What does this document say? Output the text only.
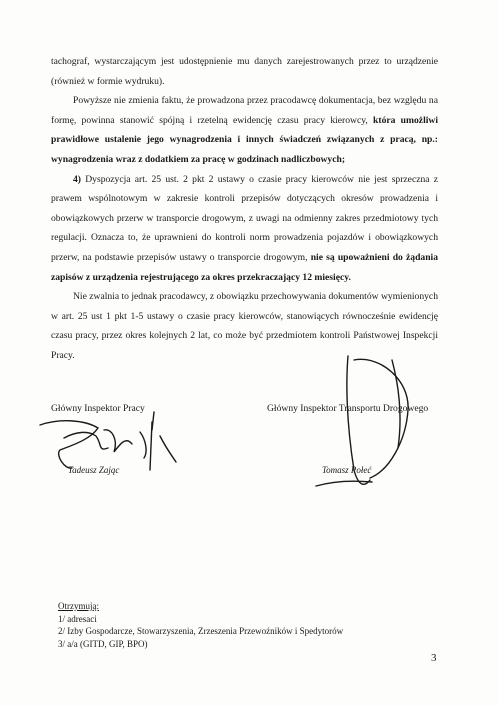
tachograf, wystarczającym jest udostępnienie mu danych zarejestrowanych przez to urządzenie (również w formie wydruku).

Powyższe nie zmienia faktu, że prowadzona przez pracodawcę dokumentacja, bez względu na formę, powinna stanowić spójną i rzetelną ewidencję czasu pracy kierowcy, która umożliwi prawidłowe ustalenie jego wynagrodzenia i innych świadczeń związanych z pracą, np.: wynagrodzenia wraz z dodatkiem za pracę w godzinach nadliczbowych;

4) Dyspozycja art. 25 ust. 2 pkt 2 ustawy o czasie pracy kierowców nie jest sprzeczna z prawem wspólnotowym w zakresie kontroli przepisów dotyczących okresów prowadzenia i obowiązkowych przerw w transporcie drogowym, z uwagi na odmienny zakres przedmiotowy tych regulacji. Oznacza to, że uprawnieni do kontroli norm prowadzenia pojazdów i obowiązkowych przerw, na podstawie przepisów ustawy o transporcie drogowym, nie są upoważnieni do żądania zapisów z urządzenia rejestrującego za okres przekraczający 12 miesięcy.

Nie zwalnia to jednak pracodawcy, z obowiązku przechowywania dokumentów wymienionych w art. 25 ust 1 pkt 1-5 ustawy o czasie pracy kierowców, stanowiących równocześnie ewidencję czasu pracy, przez okres kolejnych 2 lat, co może być przedmiotem kontroli Państwowej Inspekcji Pracy.

Główny Inspektor Pracy	Główny Inspektor Transportu Drogowego
Tadeusz Zając	Tomasz Połeć
Otrzymują:
1/ adresaci
2/ Izby Gospodarcze, Stowarzyszenia, Zrzeszenia Przewoźników i Spedytorów
3/ a/a (GITD, GIP, BPO)
3
